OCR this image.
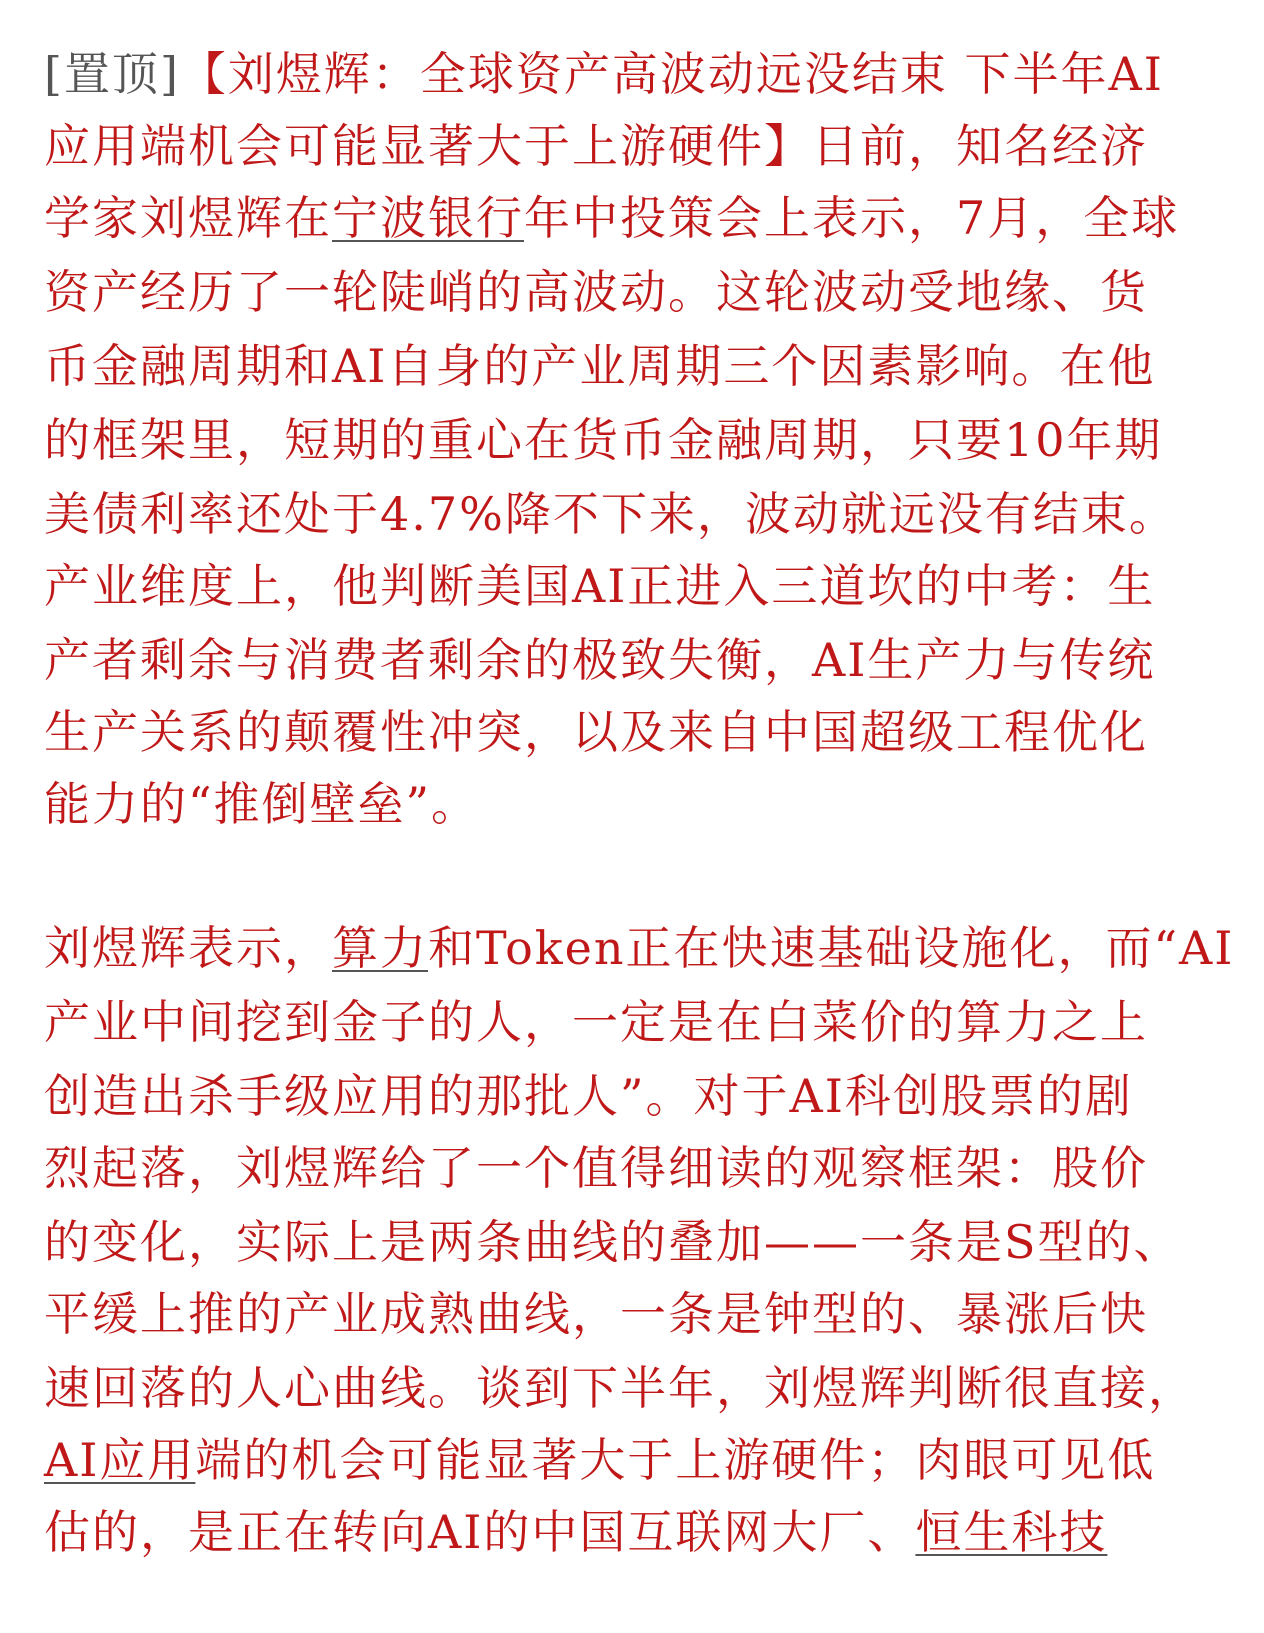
[置顶]【刘煜辉：全球资产高波动远没结束 下半年AI
应用端机会可能显著大于上游硬件】日前，知名经济
学家刘煜辉在宁波银行年中投策会上表示，7月，全球
资产经历了一轮陡峭的高波动。这轮波动受地缘、货
币金融周期和AI自身的产业周期三个因素影响。在他
的框架里，短期的重心在货币金融周期，只要10年期
美债利率还处于4.7%降不下来，波动就远没有结束。
产业维度上，他判断美国AI正进入三道坎的中考：生
产者剩余与消费者剩余的极致失衡，AI生产力与传统
生产关系的颠覆性冲突，以及来自中国超级工程优化
能力的“推倒壁垒”。
刘煜辉表示，算力和Token正在快速基础设施化，而“AI
产业中间挖到金子的人，一定是在白菜价的算力之上
创造出杀手级应用的那批人”。对于AI科创股票的剧
烈起落，刘煜辉给了一个值得细读的观察框架：股价
的变化，实际上是两条曲线的叠加——一条是S型的、
平缓上推的产业成熟曲线，一条是钟型的、暴涨后快
速回落的人心曲线。谈到下半年，刘煜辉判断很直接，
AI应用端的机会可能显著大于上游硬件；肉眼可见低
估的，是正在转向AI的中国互联网大厂、恒生科技
